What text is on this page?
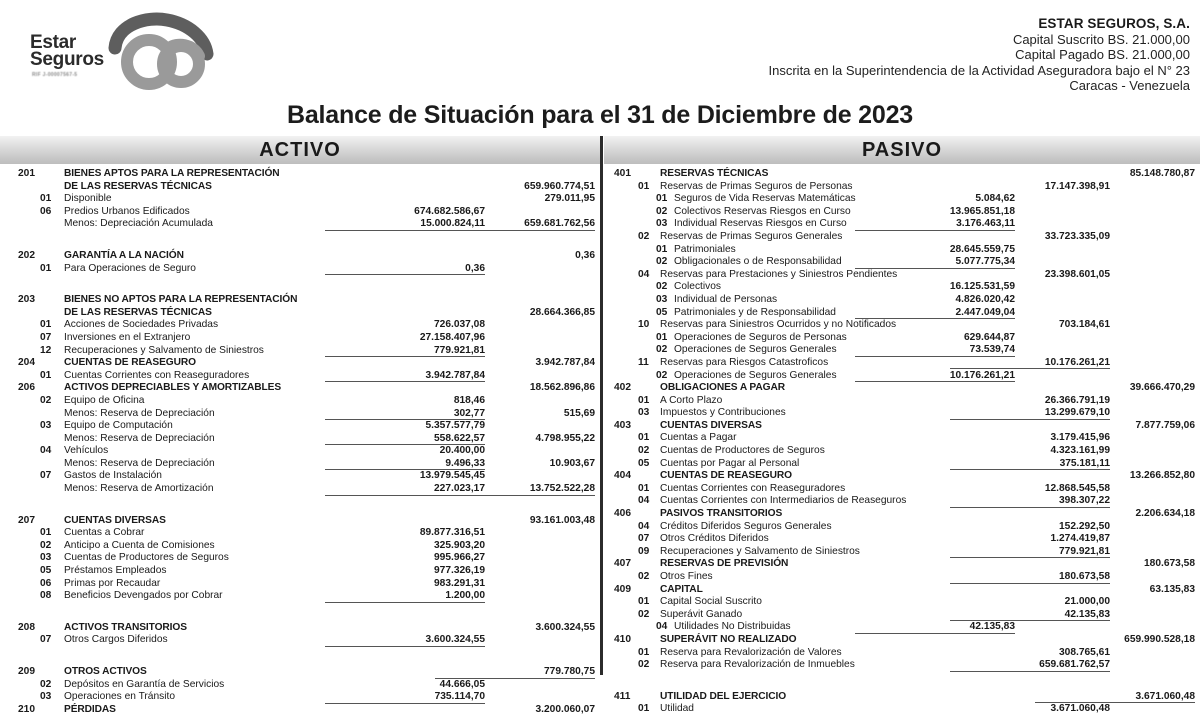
Estar
Seguros
RIF J-00007567-5
ESTAR SEGUROS, S.A.
Capital Suscrito BS. 21.000,00
Capital Pagado BS. 21.000,00
Inscrita en la Superintendencia de la Actividad Aseguradora bajo el N° 23
Caracas - Venezuela
Balance de Situación para el 31 de Diciembre de 2023
ACTIVO	PASIVO
201	BIENES APTOS PARA LA REPRESENTACIÓN
DE LAS RESERVAS TÉCNICAS	659.960.774,51
01 Disponible	279.011,95
06 Predios Urbanos Edificados	674.682.586,67
Menos: Depreciación Acumulada	15.000.824,11	659.681.762,56
202	GARANTÍA A LA NACIÓN	0,36
01 Para Operaciones de Seguro	0,36
203	BIENES NO APTOS PARA LA REPRESENTACIÓN
DE LAS RESERVAS TÉCNICAS	28.664.366,85
01 Acciones de Sociedades Privadas	726.037,08
07 Inversiones en el Extranjero	27.158.407,96
12 Recuperaciones y Salvamento de Siniestros	779.921,81
204	CUENTAS DE REASEGURO	3.942.787,84
01 Cuentas Corrientes con Reaseguradores	3.942.787,84
206	ACTIVOS DEPRECIABLES Y AMORTIZABLES	18.562.896,86
02 Equipo de Oficina	818,46
Menos: Reserva de Depreciación	302,77	515,69
03 Equipo de Computación	5.357.577,79
Menos: Reserva de Depreciación	558.622,57	4.798.955,22
04 Vehículos	20.400,00
Menos: Reserva de Depreciación	9.496,33	10.903,67
07 Gastos de Instalación	13.979.545,45
Menos: Reserva de Amortización	227.023,17	13.752.522,28
207	CUENTAS DIVERSAS	93.161.003,48
01 Cuentas a Cobrar	89.877.316,51
02 Anticipo a Cuenta de Comisiones	325.903,20
03 Cuentas de Productores de Seguros	995.966,27
05 Préstamos Empleados	977.326,19
06 Primas por Recaudar	983.291,31
08 Beneficios Devengados por Cobrar	1.200,00
208	ACTIVOS TRANSITORIOS	3.600.324,55
07 Otros Cargos Diferidos	3.600.324,55
209	OTROS ACTIVOS	779.780,75
02 Depósitos en Garantía de Servicios	44.666,05
03 Operaciones en Tránsito	735.114,70
210	PÉRDIDAS	3.200.060,07
401	RESERVAS TÉCNICAS	85.148.780,87
01 Reservas de Primas Seguros de Personas	17.147.398,91
01 Seguros de Vida Reservas Matemáticas	5.084,62
02 Colectivos Reservas Riesgos en Curso	13.965.851,18
03 Individual Reservas Riesgos en Curso	3.176.463,11
02 Reservas de Primas Seguros Generales	33.723.335,09
01 Patrimoniales	28.645.559,75
02 Obligacionales o de Responsabilidad	5.077.775,34
04 Reservas para Prestaciones y Siniestros Pendientes	23.398.601,05
02 Colectivos	16.125.531,59
03 Individual de Personas	4.826.020,42
05 Patrimoniales y de Responsabilidad	2.447.049,04
10 Reservas para Siniestros Ocurridos y no Notificados	703.184,61
01 Operaciones de Seguros de Personas	629.644,87
02 Operaciones de Seguros Generales	73.539,74
11 Reservas para Riesgos Catastroficos	10.176.261,21
02 Operaciones de Seguros Generales	10.176.261,21
402	OBLIGACIONES A PAGAR	39.666.470,29
01 A Corto Plazo	26.366.791,19
03 Impuestos y Contribuciones	13.299.679,10
403	CUENTAS DIVERSAS	7.877.759,06
01 Cuentas a Pagar	3.179.415,96
02 Cuentas de Productores de Seguros	4.323.161,99
05 Cuentas por Pagar al Personal	375.181,11
404	CUENTAS DE REASEGURO	13.266.852,80
01 Cuentas Corrientes con Reaseguradores	12.868.545,58
04 Cuentas Corrientes con Intermediarios de Reaseguros	398.307,22
406	PASIVOS TRANSITORIOS	2.206.634,18
04 Créditos Diferidos Seguros Generales	152.292,50
07 Otros Créditos Diferidos	1.274.419,87
09 Recuperaciones y Salvamento de Siniestros	779.921,81
407	RESERVAS DE PREVISIÓN	180.673,58
02 Otros Fines	180.673,58
409	CAPITAL	63.135,83
01 Capital Social Suscrito	21.000,00
02 Superávit Ganado	42.135,83
04 Utilidades No Distribuidas	42.135,83
410	SUPERÁVIT NO REALIZADO	659.990.528,18
01 Reserva para Revalorización de Valores	308.765,61
02 Reserva para Revalorización de Inmuebles	659.681.762,57
411	UTILIDAD DEL EJERCICIO	3.671.060,48
01 Utilidad	3.671.060,48
